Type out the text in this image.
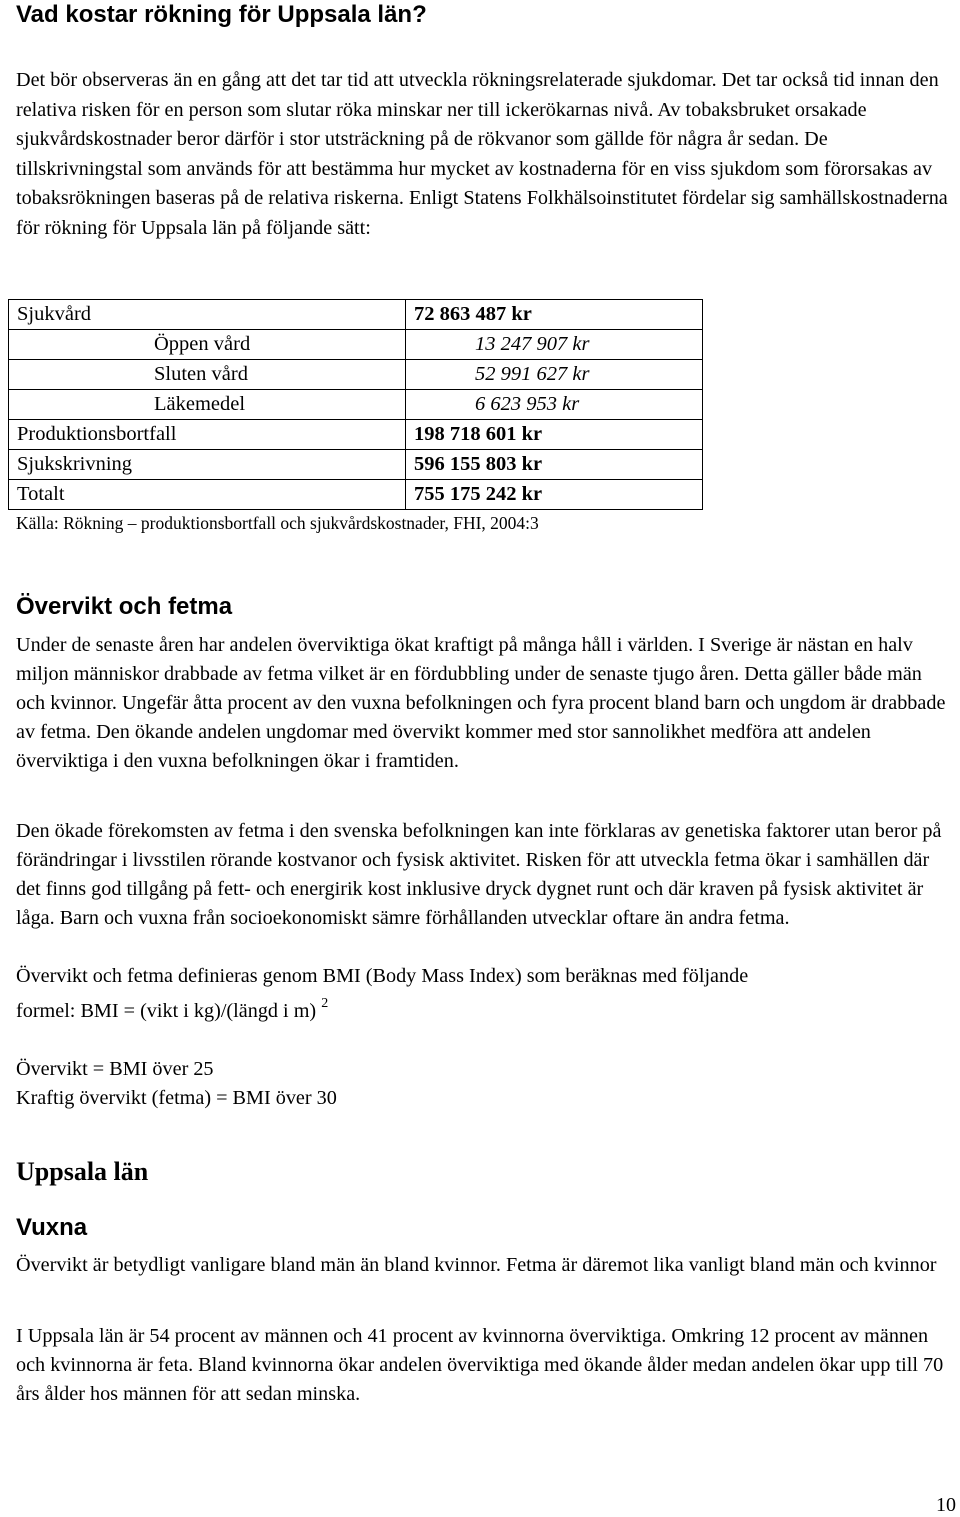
Vad kostar rökning för Uppsala län?
Det bör observeras än en gång att det tar tid att utveckla rökningsrelaterade sjukdomar. Det tar också tid innan den relativa risken för en person som slutar röka minskar ner till ickerökarnas nivå. Av tobaksbruket orsakade sjukvårdskostnader beror därför i stor utsträckning på de rökvanor som gällde för några år sedan. De tillskrivningstal som används för att bestämma hur mycket av kostnaderna för en viss sjukdom som förorsakas av tobaksrökningen baseras på de relativa riskerna. Enligt Statens Folkhälsoinstitutet fördelar sig samhällskostnaderna för rökning för Uppsala län på följande sätt:
Sjukvård	72 863 487 kr
Öppen vård	13 247 907 kr
Sluten vård	52 991 627 kr
Läkemedel	6 623 953 kr
Produktionsbortfall	198 718 601 kr
Sjukskrivning	596 155 803 kr
Totalt	755 175 242 kr
Källa: Rökning – produktionsbortfall och sjukvårdskostnader, FHI, 2004:3
Övervikt och fetma
Under de senaste åren har andelen överviktiga ökat kraftigt på många håll i världen. I Sverige är nästan en halv miljon människor drabbade av fetma vilket är en fördubbling under de senaste tjugo åren. Detta gäller både män och kvinnor. Ungefär åtta procent av den vuxna befolkningen och fyra procent bland barn och ungdom är drabbade av fetma. Den ökande andelen ungdomar med övervikt kommer med stor sannolikhet medföra att andelen överviktiga i den vuxna befolkningen ökar i framtiden.
Den ökade förekomsten av fetma i den svenska befolkningen kan inte förklaras av genetiska faktorer utan beror på förändringar i livsstilen rörande kostvanor och fysisk aktivitet. Risken för att utveckla fetma ökar i samhällen där det finns god tillgång på fett- och energirik kost inklusive dryck dygnet runt och där kraven på fysisk aktivitet är låga. Barn och vuxna från socioekonomiskt sämre förhållanden utvecklar oftare än andra fetma.
Övervikt och fetma definieras genom BMI (Body Mass Index) som beräknas med följande
formel: BMI = (vikt i kg)/(längd i m) $^2$
Övervikt = BMI över 25
Kraftig övervikt (fetma) = BMI över 30
Uppsala län
Vuxna
Övervikt är betydligt vanligare bland män än bland kvinnor. Fetma är däremot lika vanligt bland män och kvinnor
I Uppsala län är 54 procent av männen och 41 procent av kvinnorna överviktiga. Omkring 12 procent av männen och kvinnorna är feta. Bland kvinnorna ökar andelen överviktiga med ökande ålder medan andelen ökar upp till 70 års ålder hos männen för att sedan minska.
10
